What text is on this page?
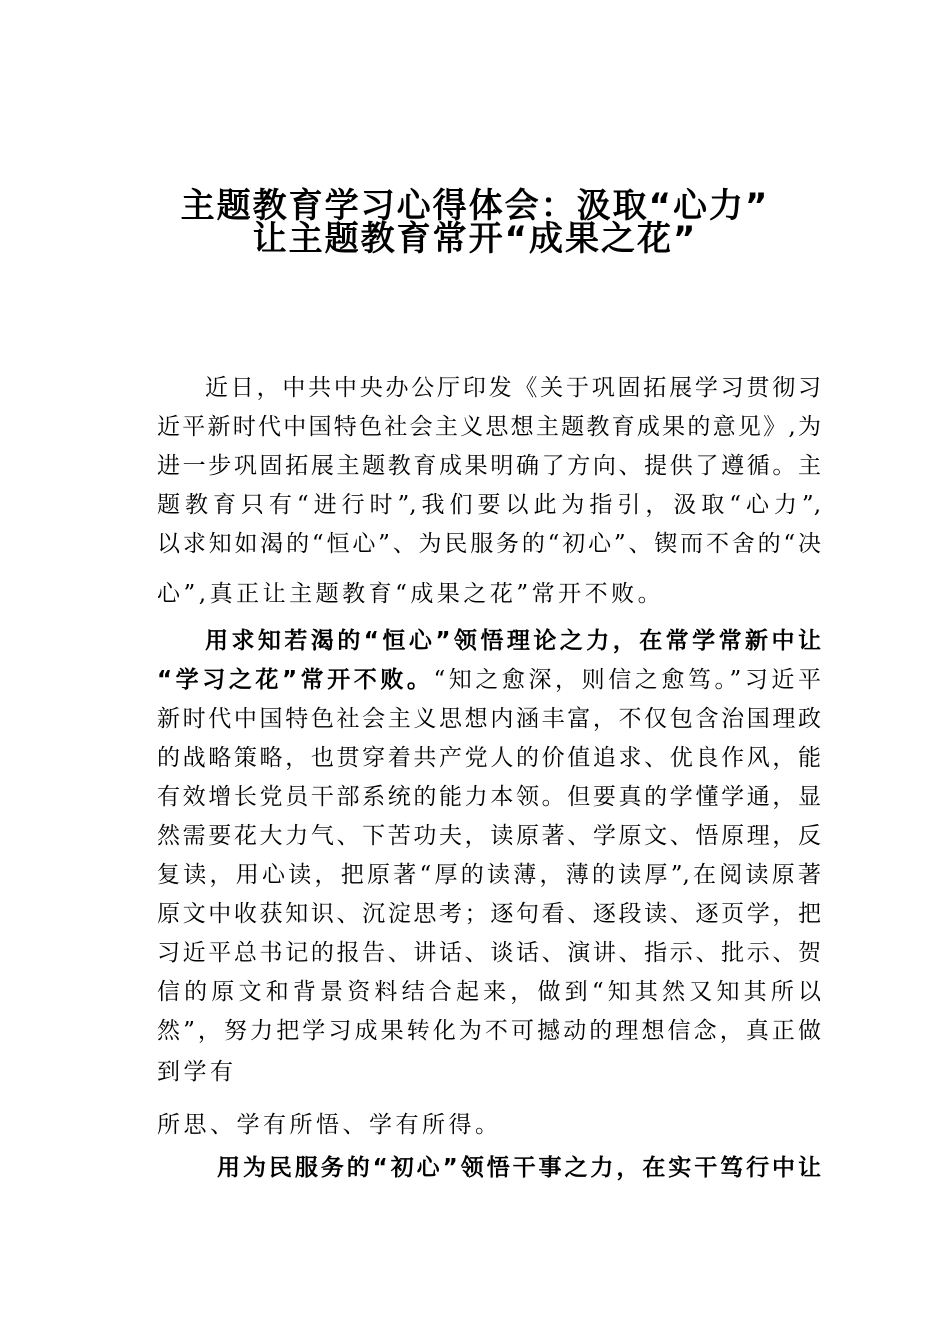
主题教育学习心得体会：汲取“心力”
让主题教育常开“成果之花”
近日，中共中央办公厅印发《关于巩固拓展学习贯彻习
近平新时代中国特色社会主义思想主题教育成果的意见》,为
进一步巩固拓展主题教育成果明确了方向、提供了遵循。主
题教育只有“进行时”,我们要以此为指引，汲取“心力”,
以求知如渴的“恒心”、为民服务的“初心”、锲而不舍的“决
心”,真正让主题教育“成果之花”常开不败。
用求知若渴的“恒心”领悟理论之力，在常学常新中让
“学习之花”常开不败。“知之愈深，则信之愈笃。”习近平
新时代中国特色社会主义思想内涵丰富，不仅包含治国理政
的战略策略，也贯穿着共产党人的价值追求、优良作风，能
有效增长党员干部系统的能力本领。但要真的学懂学通，显
然需要花大力气、下苦功夫，读原著、学原文、悟原理，反
复读，用心读，把原著“厚的读薄，薄的读厚”,在阅读原著
原文中收获知识、沉淀思考；逐句看、逐段读、逐页学，把
习近平总书记的报告、讲话、谈话、演讲、指示、批示、贺
信的原文和背景资料结合起来，做到“知其然又知其所以
然”，努力把学习成果转化为不可撼动的理想信念，真正做
到学有
所思、学有所悟、学有所得。
用为民服务的“初心”领悟干事之力，在实干笃行中让
